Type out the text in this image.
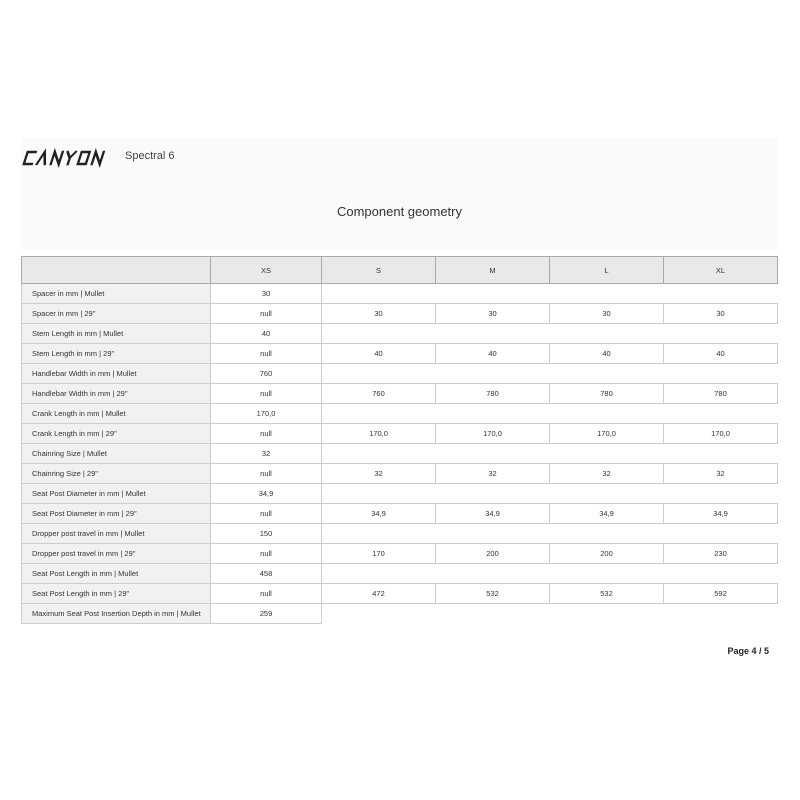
Spectral 6
Component geometry
	XS	S	M	L	XL
Spacer in mm | Mullet	30				
Spacer in mm | 29"	null	30	30	30	30
Stem Length in mm | Mullet	40				
Stem Length in mm | 29"	null	40	40	40	40
Handlebar Width in mm | Mullet	760				
Handlebar Width in mm | 29"	null	760	780	780	780
Crank Length in mm | Mullet	170,0				
Crank Length in mm | 29"	null	170,0	170,0	170,0	170,0
Chainring Size | Mullet	32				
Chainring Size | 29"	null	32	32	32	32
Seat Post Diameter in mm | Mullet	34,9				
Seat Post Diameter in mm | 29"	null	34,9	34,9	34,9	34,9
Dropper post travel in mm | Mullet	150				
Dropper post travel in mm | 29"	null	170	200	200	230
Seat Post Length in mm | Mullet	458				
Seat Post Length in mm | 29"	null	472	532	532	592
Maximum Seat Post Insertion Depth in mm | Mullet	259				
Page 4 / 5
